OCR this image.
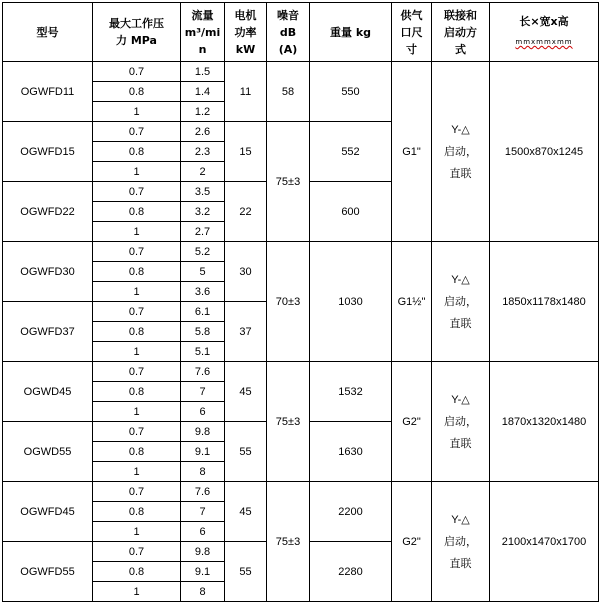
型号	最大工作压
力 MPa	流量
m³/mi
n	电机
功率
kW	噪音
dB
(A)	重量 kg	供气
口尺
寸	联接和
启动方
式	长×宽x高
mmxmmxmm

OGWFD11	0.7	1.5	11	58	550	G1"	Y-△
启动，
直联	1500x870x1245
	0.8	1.4						
	1	1.2						
OGWFD15	0.7	2.6	15	75±3	552			
	0.8	2.3						
	1	2						
OGWFD22	0.7	3.5	22		600			
	0.8	3.2						
	1	2.7						
OGWFD30	0.7	5.2	30	70±3	1030	G1½"	Y-△
启动，
直联	1850x1178x1480
	0.8	5						
	1	3.6						
OGWFD37	0.7	6.1	37					
	0.8	5.8						
	1	5.1						
OGWD45	0.7	7.6	45	75±3	1532	G2"	Y-△
启动，
直联	1870x1320x1480
	0.8	7						
	1	6						
OGWD55	0.7	9.8	55		1630			
	0.8	9.1						
	1	8						
OGWFD45	0.7	7.6	45	75±3	2200	G2"	Y-△
启动，
直联	2100x1470x1700
	0.8	7						
	1	6						
OGWFD55	0.7	9.8	55		2280			
	0.8	9.1						
	1	8						
